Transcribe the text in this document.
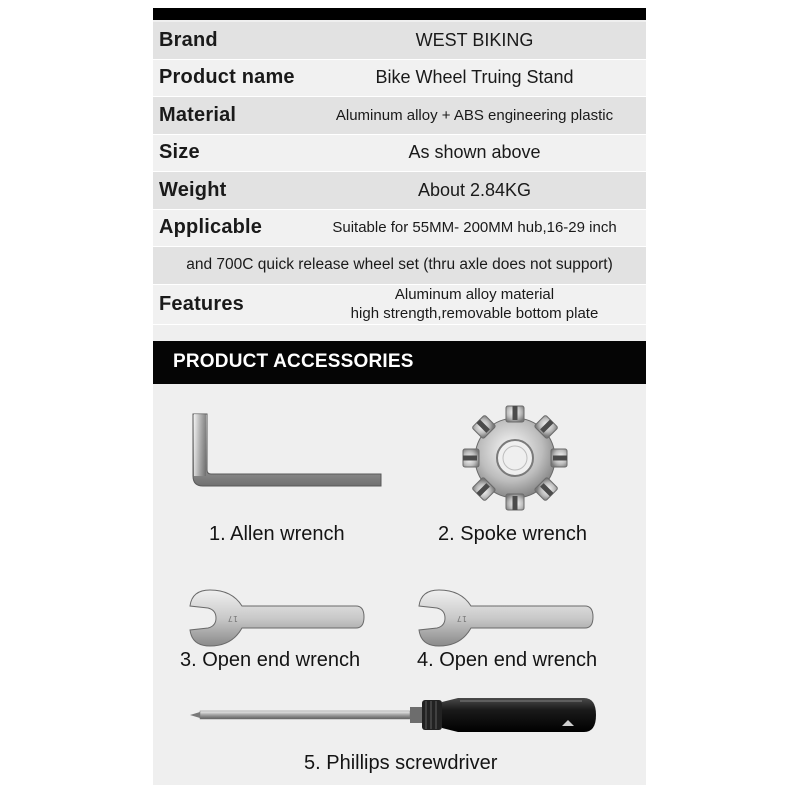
Brand	WEST BIKING
Product name	Bike Wheel Truing Stand
Material	Aluminum alloy + ABS engineering plastic
Size	As shown above
Weight	About 2.84KG
Applicable	Suitable for 55MM- 200MM hub,16-29 inch
and 700C quick release wheel set (thru axle does not support)
Features	Aluminum alloy material
high strength,removable bottom plate
PRODUCT ACCESSORIES
1. Allen wrench	2. Spoke wrench
17
3. Open end wrench
17
4. Open end wrench
5. Phillips screwdriver
